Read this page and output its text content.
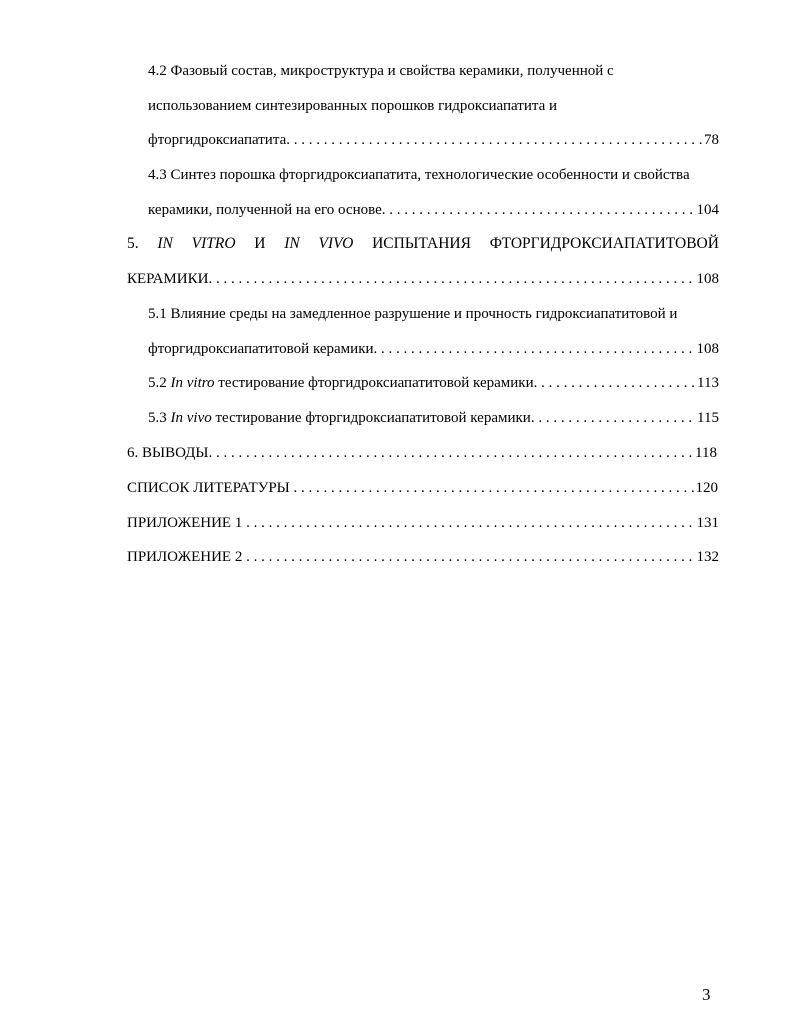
4.2 Фазовый состав, микроструктура и свойства керамики, полученной с
использованием синтезированных порошков гидроксиапатита и
фторгидроксиапатита . . .	78
4.3 Синтез порошка фторгидроксиапатита, технологические особенности и свойства
керамики, полученной на его основе . . .	104
5. IN VITRO И IN VIVO ИСПЫТАНИЯ ФТОРГИДРОКСИАПАТИТОВОЙ
КЕРАМИКИ . . .	108
5.1 Влияние среды на замедленное разрушение и прочность гидроксиапатитовой и
фторгидроксиапатитовой керамики . . .	108
5.2
In vitro
тестирование фторгидроксиапатитовой керамики . . .	113
5.3
In vivo
тестирование фторгидроксиапатитовой керамики . . .	115
6. ВЫВОДЫ . . .	118
СПИСОК ЛИТЕРАТУРЫ
. . .	120
ПРИЛОЖЕНИЕ 1
. . .	131
ПРИЛОЖЕНИЕ 2
. . .	132
3
